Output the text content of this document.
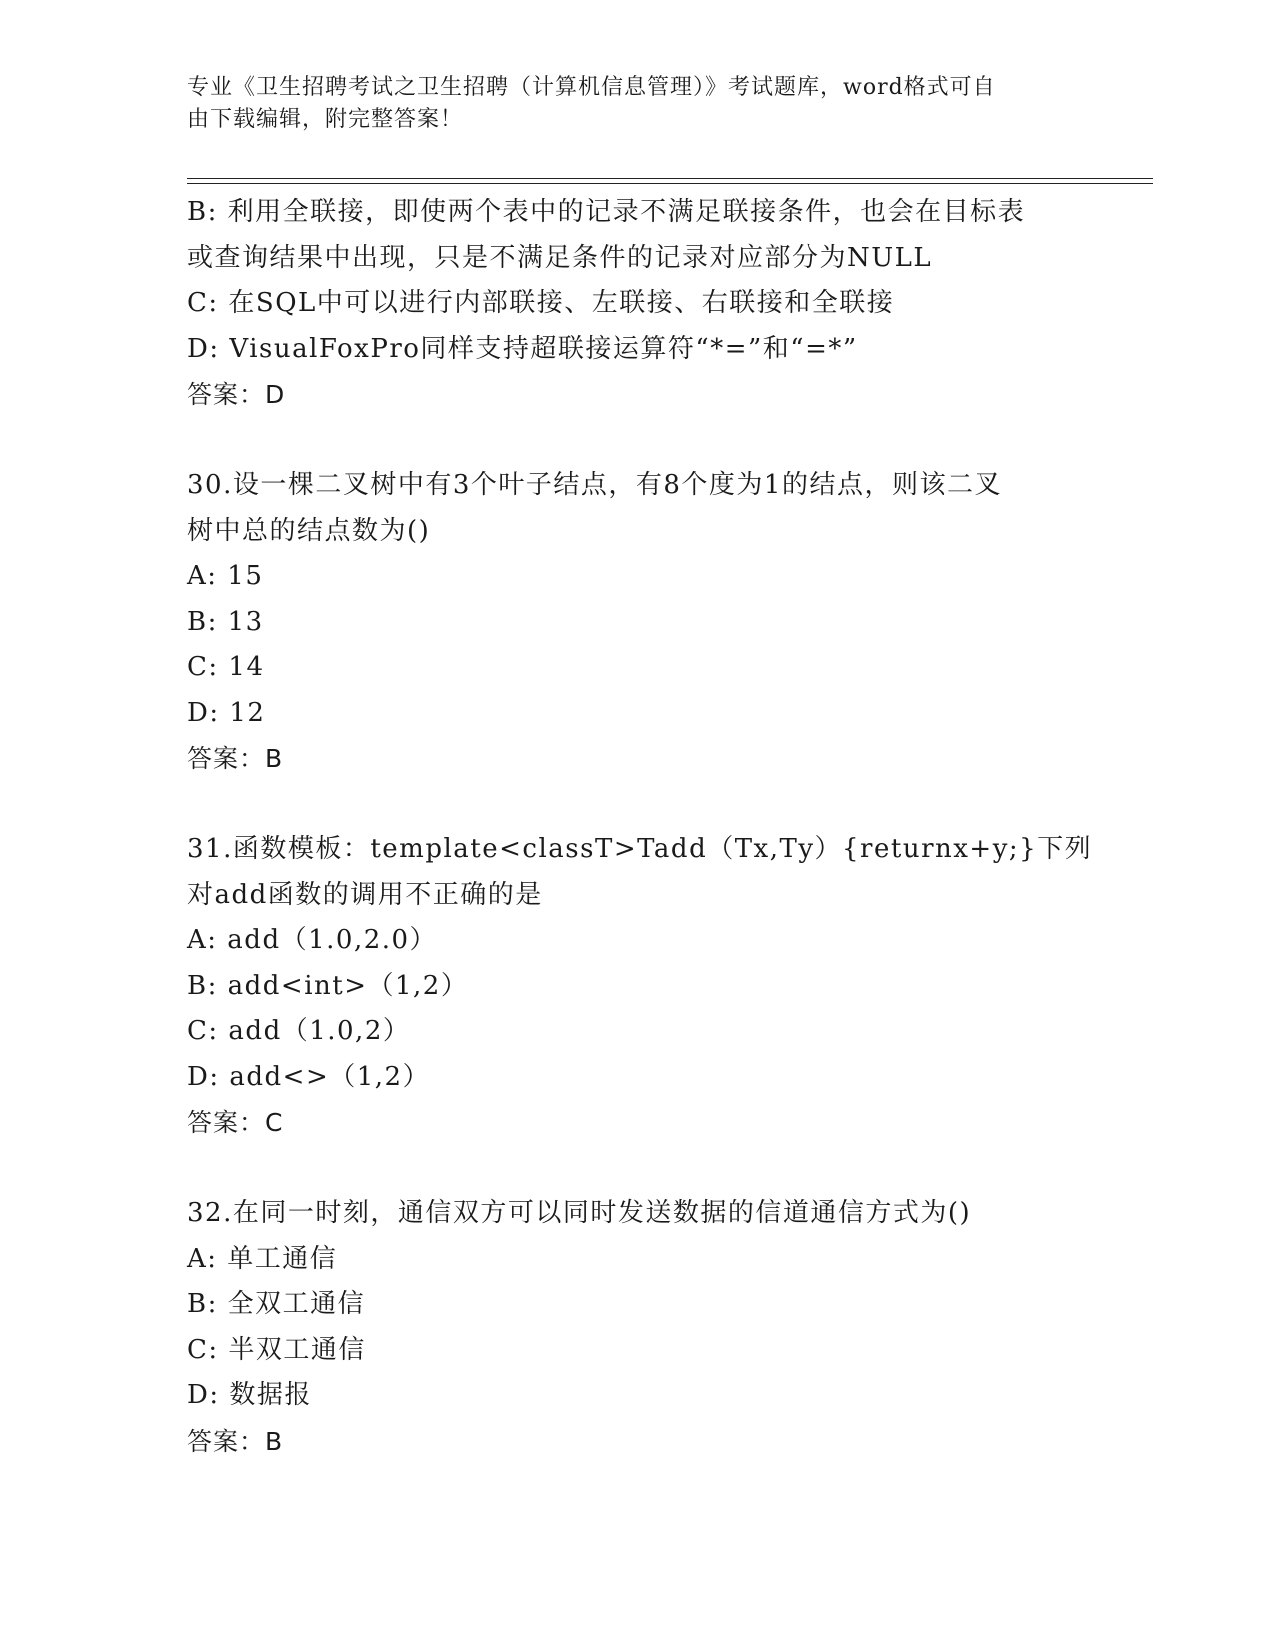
专业《卫生招聘考试之卫生招聘（计算机信息管理）》考试题库，word格式可自
由下载编辑，附完整答案！
B: 利用全联接，即使两个表中的记录不满足联接条件，也会在目标表
或查询结果中出现，只是不满足条件的记录对应部分为NULL
C: 在SQL中可以进行内部联接、左联接、右联接和全联接
D: VisualFoxPro同样支持超联接运算符“*=”和“=*”
答案：D
30.设一棵二叉树中有3个叶子结点，有8个度为1的结点，则该二叉
树中总的结点数为()
A: 15
B: 13
C: 14
D: 12
答案：B
31.函数模板：template<classT>Tadd（Tx,Ty）{returnx+y;}下列
对add函数的调用不正确的是
A: add（1.0,2.0）
B: add<int>（1,2）
C: add（1.0,2）
D: add<>（1,2）
答案：C
32.在同一时刻，通信双方可以同时发送数据的信道通信方式为()
A: 单工通信
B: 全双工通信
C: 半双工通信
D: 数据报
答案：B
